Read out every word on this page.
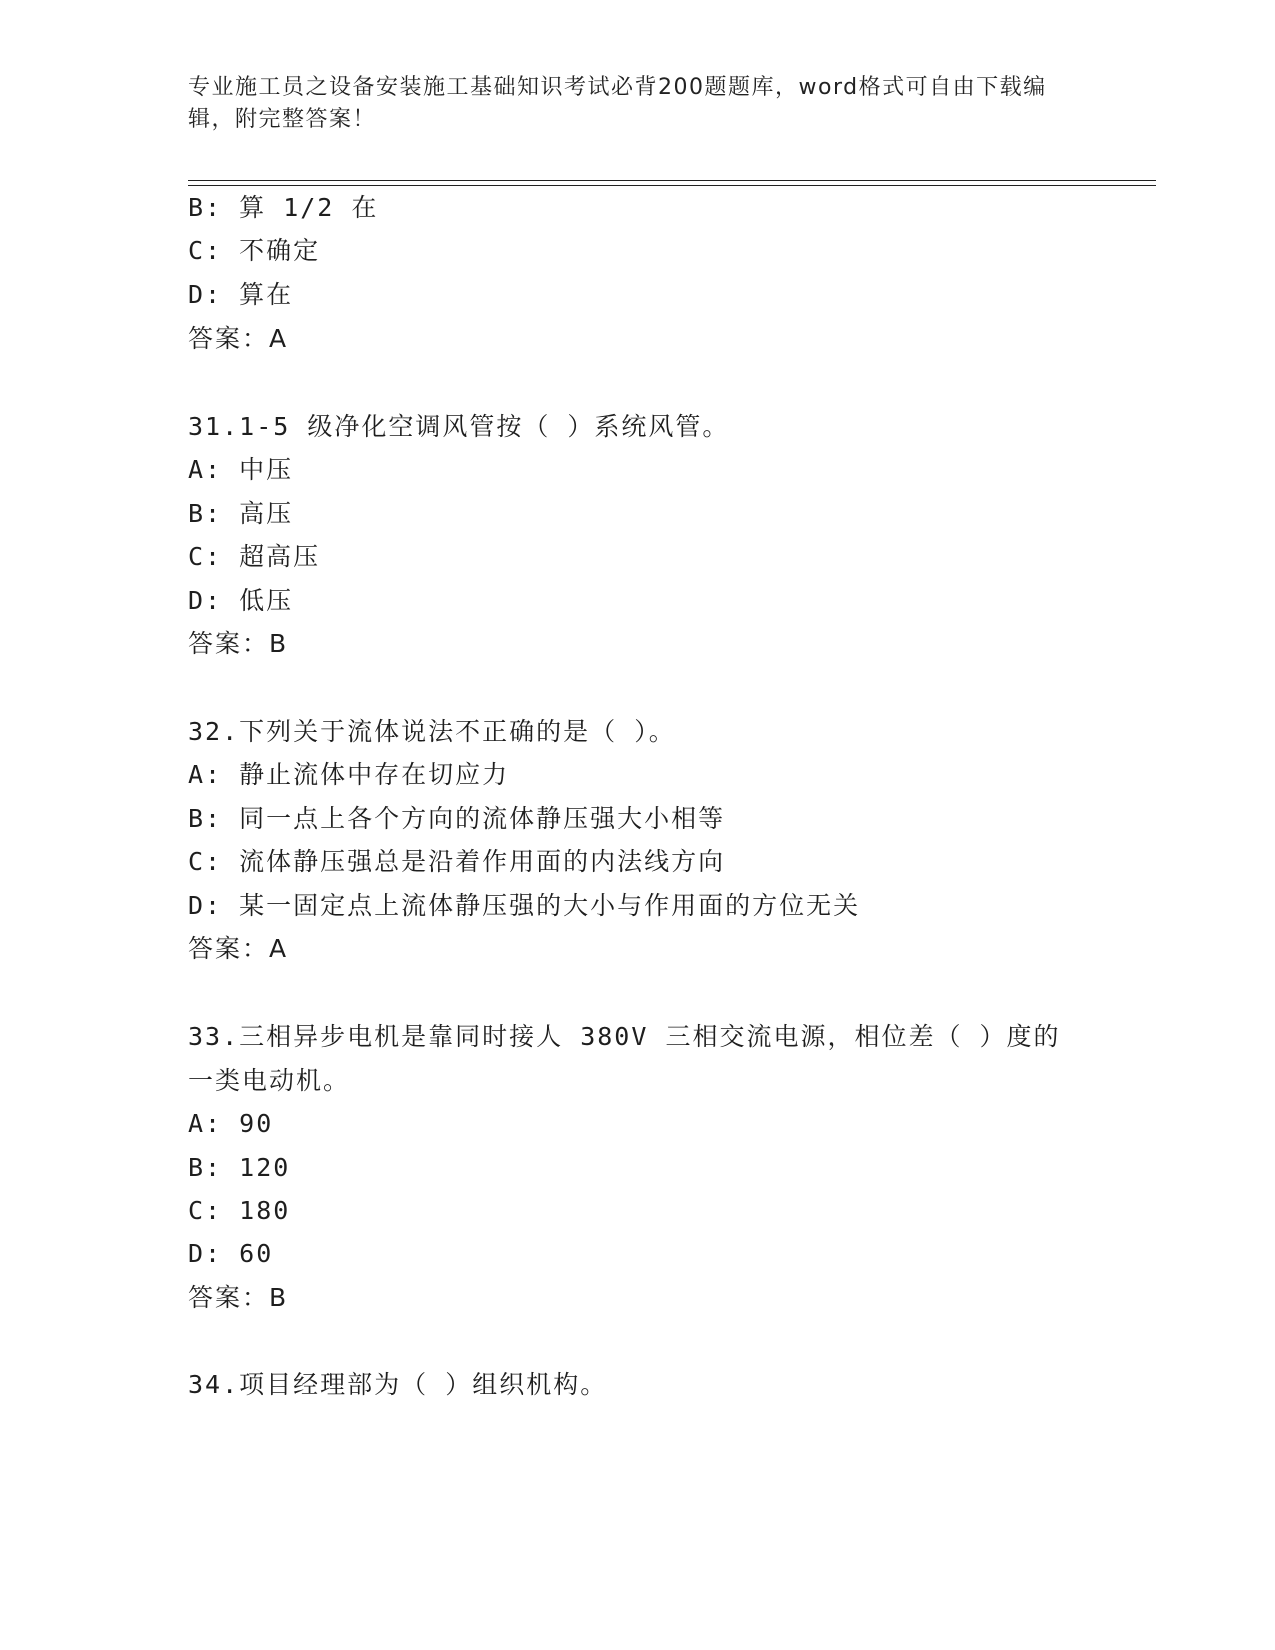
专业施工员之设备安装施工基础知识考试必背200题题库，word格式可自由下载编辑，附完整答案！
B: 算 1/2 在
C: 不确定
D: 算在
答案：A
31.1-5 级净化空调风管按（ ）系统风管。
A: 中压
B: 高压
C: 超高压
D: 低压
答案：B
32.下列关于流体说法不正确的是（ ）。
A: 静止流体中存在切应力
B: 同一点上各个方向的流体静压强大小相等
C: 流体静压强总是沿着作用面的内法线方向
D: 某一固定点上流体静压强的大小与作用面的方位无关
答案：A
33.三相异步电机是靠同时接人 380V 三相交流电源，相位差（ ）度的
一类电动机。
A: 90
B: 120
C: 180
D: 60
答案：B
34.项目经理部为（ ）组织机构。
